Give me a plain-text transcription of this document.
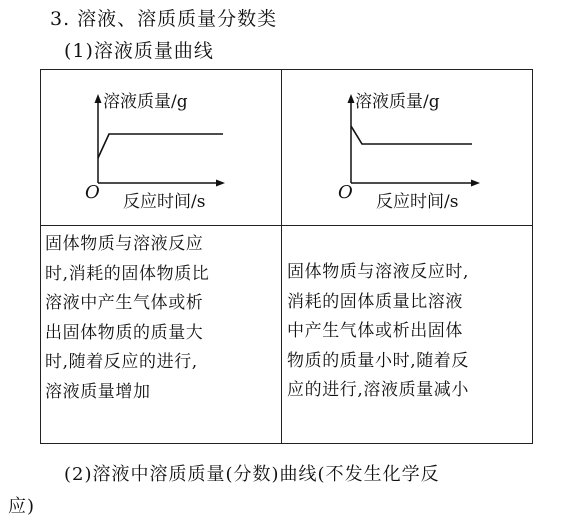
3. 溶液、溶质质量分数类
(1)溶液质量曲线
溶液质量/g
O 反应时间/s
溶液质量/g
O 反应时间/s
固体物质与溶液反应
时,消耗的固体物质比
溶液中产生气体或析
出固体物质的质量大
时,随着反应的进行,
溶液质量增加
固体物质与溶液反应时,
消耗的固体质量比溶液
中产生气体或析出固体
物质的质量小时,随着反
应的进行,溶液质量减小
(2)溶液中溶质质量(分数)曲线(不发生化学反
应)
